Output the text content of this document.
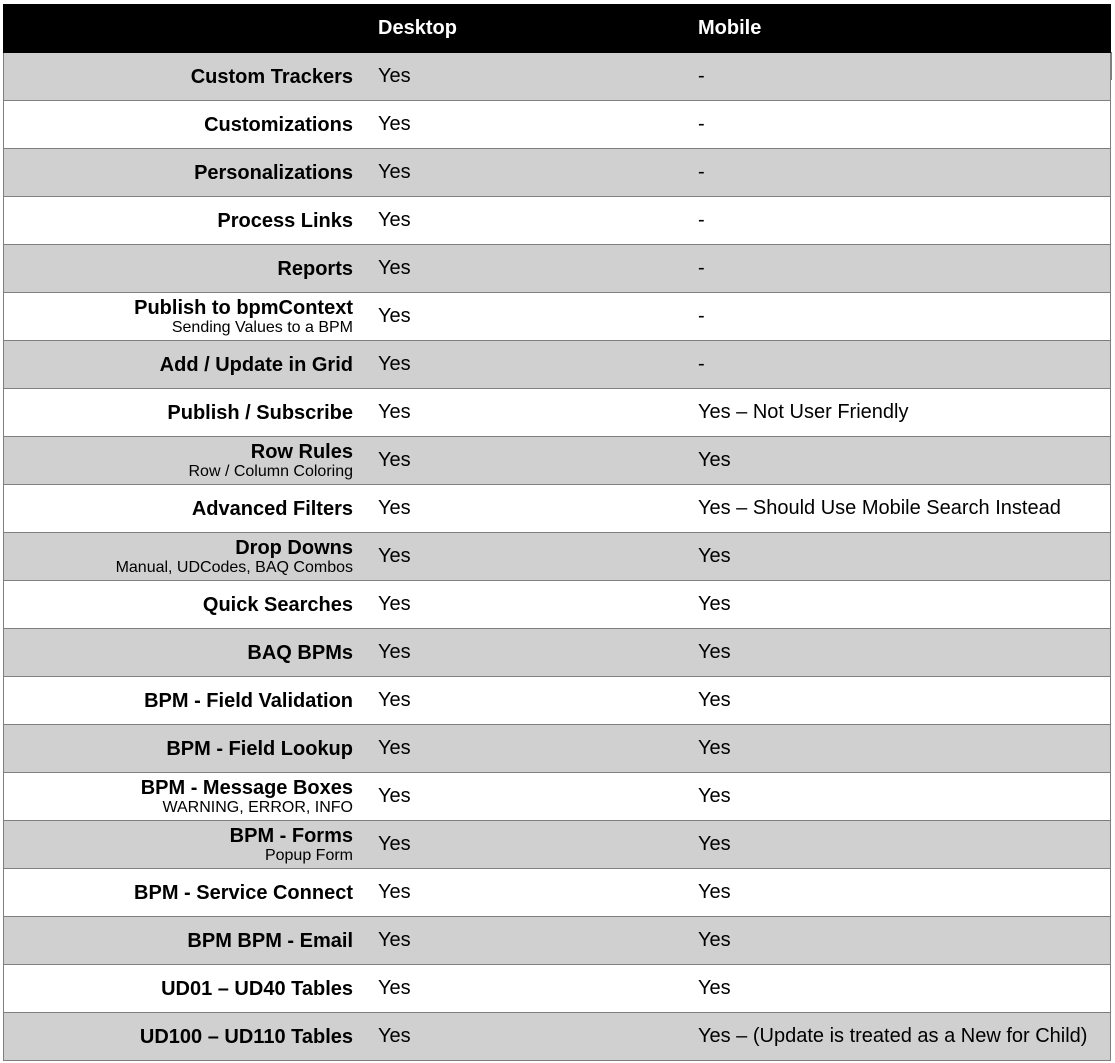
Desktop	Mobile
Custom Trackers Yes	-
Customizations Yes	-
Personalizations Yes	-
Process Links Yes	-
Reports Yes	-
Publish to bpmContext
Sending Values to a BPM Yes	-
Add / Update in Grid Yes	-
Publish / Subscribe Yes	Yes – Not User Friendly
Row Rules
Row / Column Coloring Yes	Yes
Advanced Filters Yes	Yes – Should Use Mobile Search Instead
Drop Downs
Manual, UDCodes, BAQ Combos Yes	Yes
Quick Searches Yes	Yes
BAQ BPMs Yes	Yes
BPM - Field Validation Yes	Yes
BPM - Field Lookup Yes	Yes
BPM - Message Boxes
WARNING, ERROR, INFO Yes	Yes
BPM - Forms
Popup Form Yes	Yes
BPM - Service Connect Yes	Yes
BPM BPM - Email Yes	Yes
UD01 – UD40 Tables Yes	Yes
UD100 – UD110 Tables Yes	Yes – (Update is treated as a New for Child)
